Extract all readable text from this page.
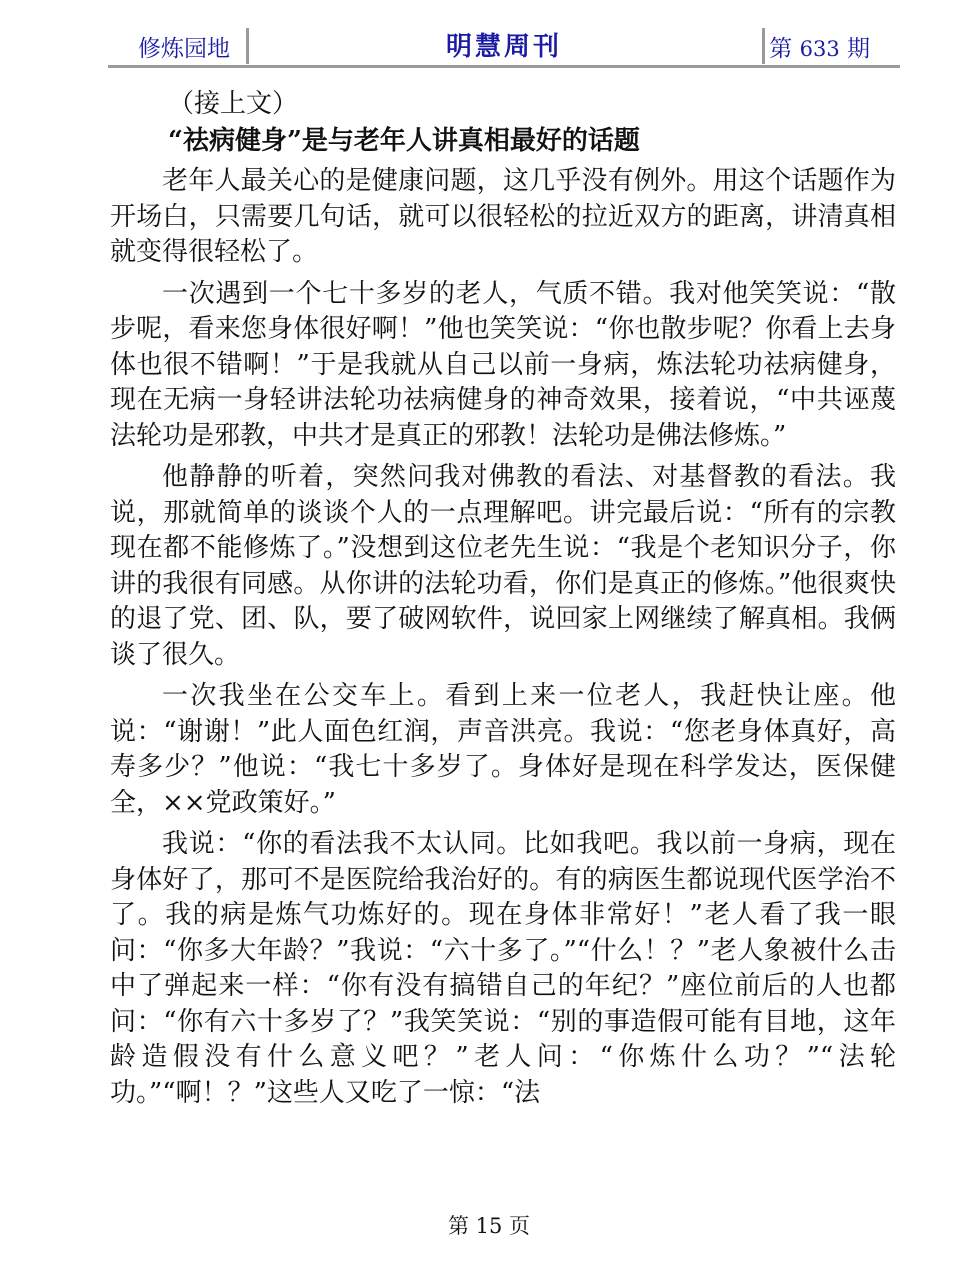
修炼园地	明慧周刊	第 633 期

（接上文）

“祛病健身”是与老年人讲真相最好的话题

老年人最关心的是健康问题，这几乎没有例外。用这个话题作为开场白，只需要几句话，就可以很轻松的拉近双方的距离，讲清真相就变得很轻松了。

一次遇到一个七十多岁的老人，气质不错。我对他笑笑说：“散步呢，看来您身体很好啊！”他也笑笑说：“你也散步呢？你看上去身体也很不错啊！”于是我就从自己以前一身病，炼法轮功祛病健身，现在无病一身轻讲法轮功祛病健身的神奇效果，接着说，“中共诬蔑法轮功是邪教，中共才是真正的邪教！法轮功是佛法修炼。”

他静静的听着，突然问我对佛教的看法、对基督教的看法。我说，那就简单的谈谈个人的一点理解吧。讲完最后说：“所有的宗教现在都不能修炼了。”没想到这位老先生说：“我是个老知识分子，你讲的我很有同感。从你讲的法轮功看，你们是真正的修炼。”他很爽快的退了党、团、队，要了破网软件，说回家上网继续了解真相。我俩谈了很久。

一次我坐在公交车上。看到上来一位老人，我赶快让座。他说：“谢谢！”此人面色红润，声音洪亮。我说：“您老身体真好，高寿多少？”他说：“我七十多岁了。身体好是现在科学发达，医保健全，××党政策好。”

我说：“你的看法我不太认同。比如我吧。我以前一身病，现在身体好了，那可不是医院给我治好的。有的病医生都说现代医学治不了。我的病是炼气功炼好的。现在身体非常好！”老人看了我一眼问：“你多大年龄？”我说：“六十多了。”“什么！？”老人象被什么击中了弹起来一样：“你有没有搞错自己的年纪？”座位前后的人也都问：“你有六十多岁了？”我笑笑说：“别的事造假可能有目地，这年龄造假没有什么意义吧？”老人问：“你炼什么功？”“法轮功。”“啊！？”这些人又吃了一惊：“法

第 15 页
